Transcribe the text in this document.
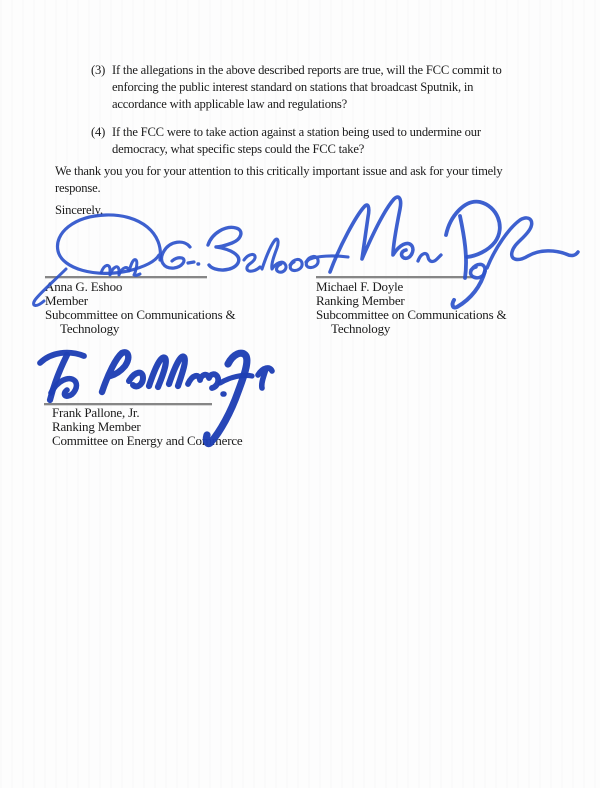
(3) If the allegations in the above described reports are true, will the FCC commit to
enforcing the public interest standard on stations that broadcast Sputnik, in
accordance with applicable law and regulations?
(4) If the FCC were to take action against a station being used to undermine our
democracy, what specific steps could the FCC take?
We thank you you for your attention to this critically important issue and ask for your timely
response.
Sincerely,
Anna G. Eshoo
Member
Subcommittee on Communications &
Technology
Michael F. Doyle
Ranking Member
Subcommittee on Communications &
Technology
Frank Pallone, Jr.
Ranking Member
Committee on Energy and Commerce
